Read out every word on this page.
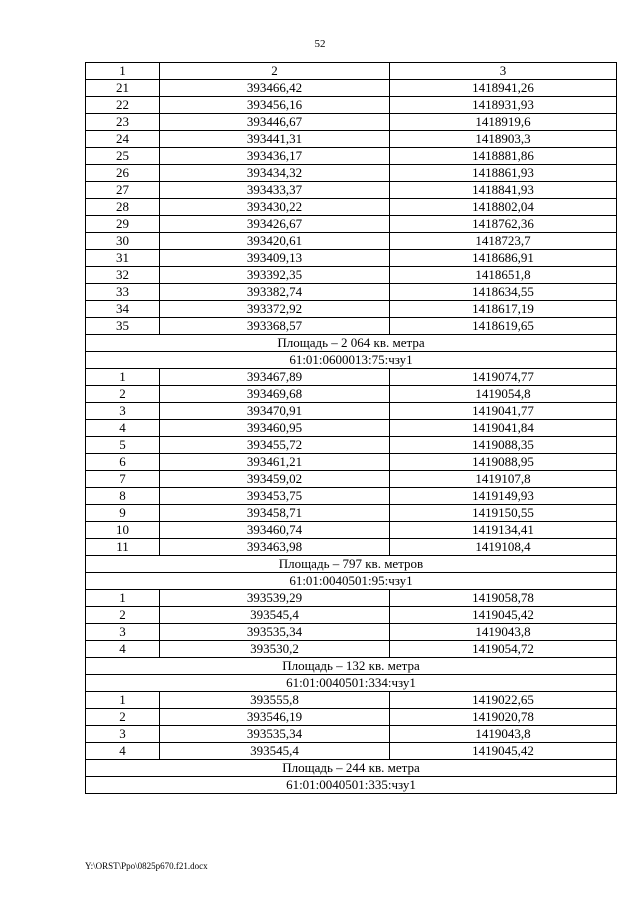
52
1	2	3
21	393466,42	1418941,26
22	393456,16	1418931,93
23	393446,67	1418919,6
24	393441,31	1418903,3
25	393436,17	1418881,86
26	393434,32	1418861,93
27	393433,37	1418841,93
28	393430,22	1418802,04
29	393426,67	1418762,36
30	393420,61	1418723,7
31	393409,13	1418686,91
32	393392,35	1418651,8
33	393382,74	1418634,55
34	393372,92	1418617,19
35	393368,57	1418619,65
Площадь – 2 064 кв. метра		
61:01:0600013:75:чзу1		
1	393467,89	1419074,77
2	393469,68	1419054,8
3	393470,91	1419041,77
4	393460,95	1419041,84
5	393455,72	1419088,35
6	393461,21	1419088,95
7	393459,02	1419107,8
8	393453,75	1419149,93
9	393458,71	1419150,55
10	393460,74	1419134,41
11	393463,98	1419108,4
Площадь – 797 кв. метров		
61:01:0040501:95:чзу1		
1	393539,29	1419058,78
2	393545,4	1419045,42
3	393535,34	1419043,8
4	393530,2	1419054,72
Площадь – 132 кв. метра		
61:01:0040501:334:чзу1		
1	393555,8	1419022,65
2	393546,19	1419020,78
3	393535,34	1419043,8
4	393545,4	1419045,42
Площадь – 244 кв. метра		
61:01:0040501:335:чзу1		
Y:\ORST\Ppo\0825p670.f21.docx
